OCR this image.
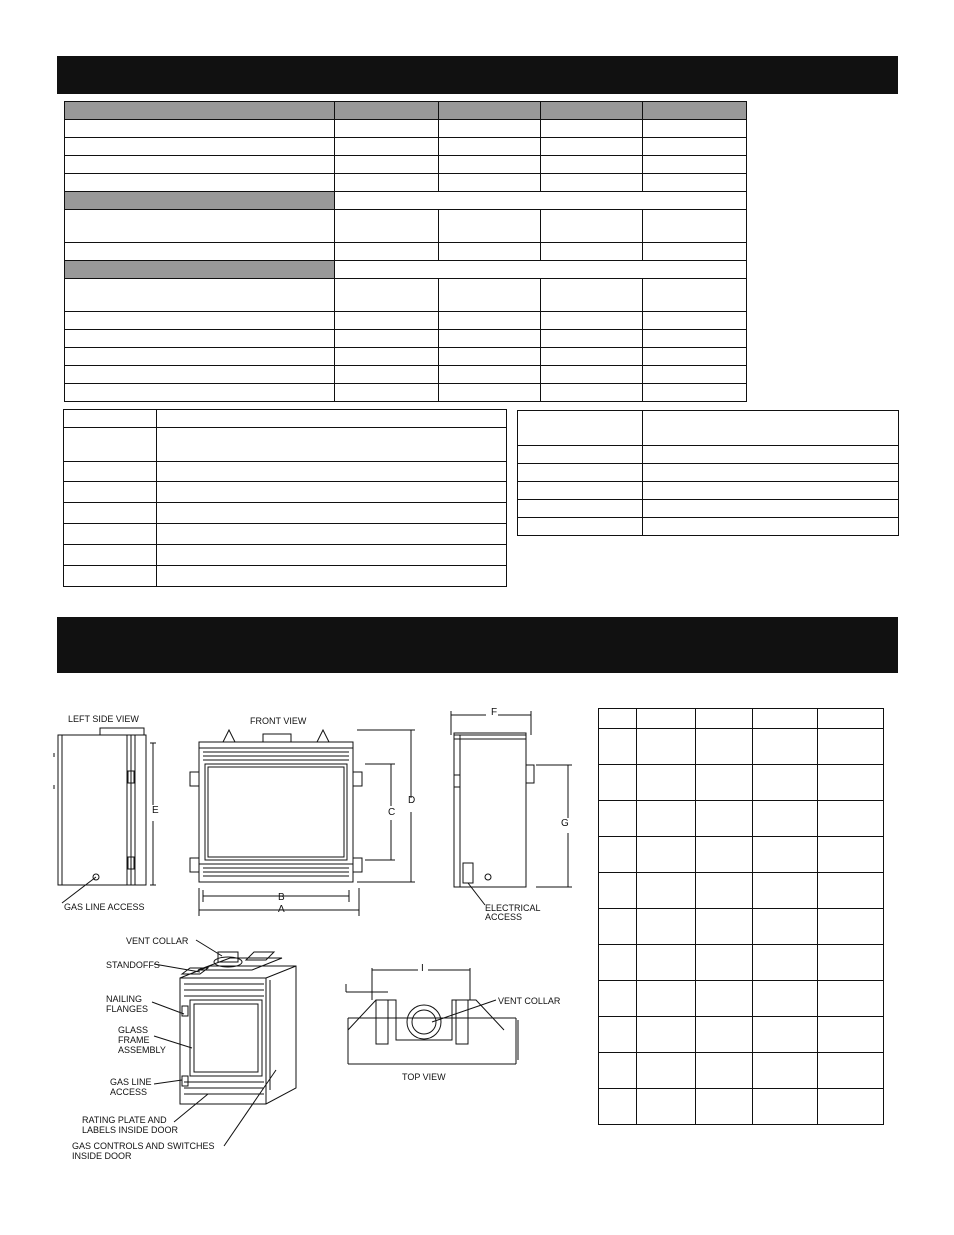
LEFT SIDE VIEW
E
GAS LINE ACCESS
FRONT VIEW
B
A
C
D
F
G
ELECTRICAL
ACCESS
VENT COLLAR
STANDOFFS
NAILING
FLANGES
GLASS
FRAME
ASSEMBLY
GAS LINE
ACCESS
RATING PLATE AND
LABELS INSIDE DOOR
GAS CONTROLS AND SWITCHES
INSIDE DOOR
I
VENT COLLAR
TOP VIEW
